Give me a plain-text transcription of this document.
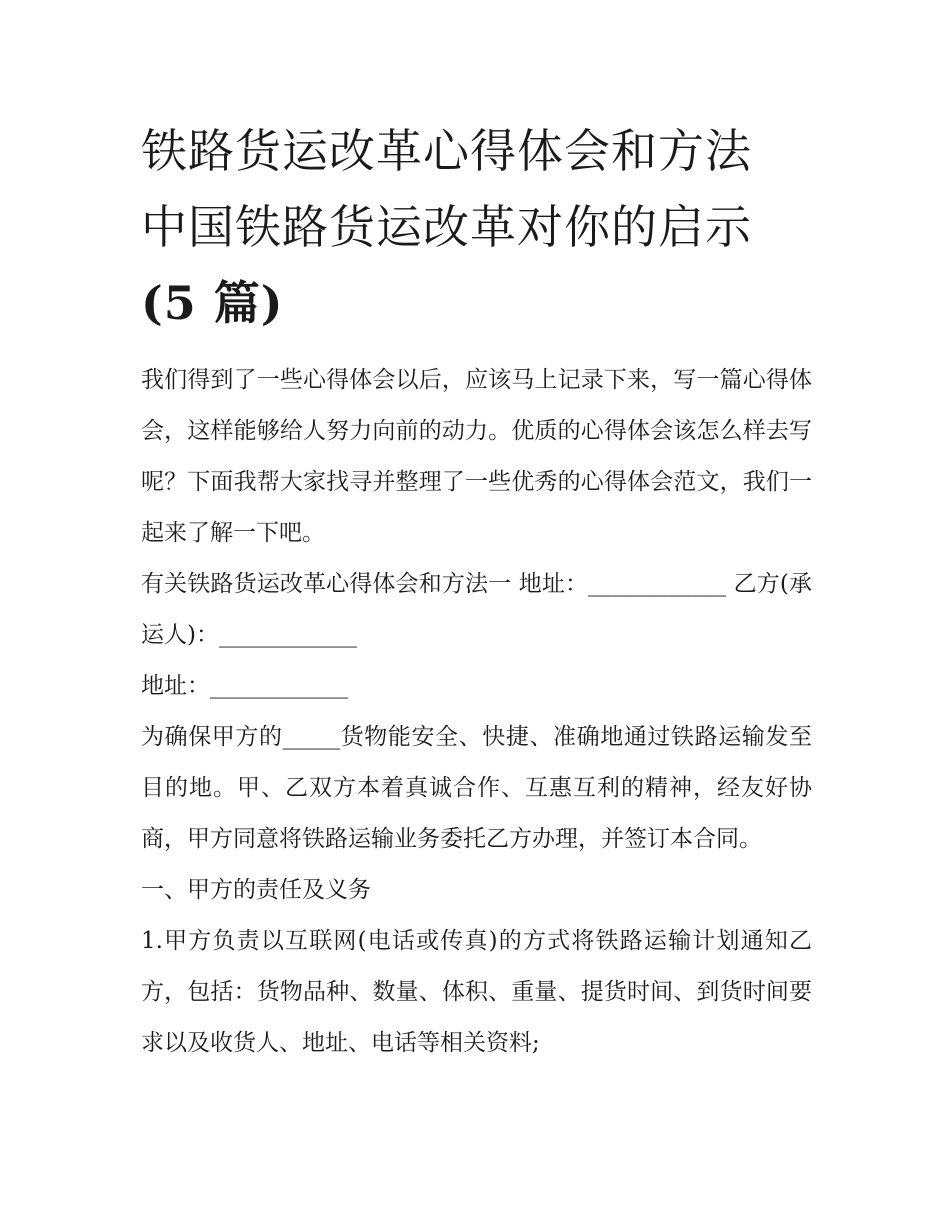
铁路货运改革心得体会和方法
中国铁路货运改革对你的启示
(5 篇)

我们得到了一些心得体会以后，应该马上记录下来，写一篇心得体会，这样能够给人努力向前的动力。优质的心得体会该怎么样去写呢？下面我帮大家找寻并整理了一些优秀的心得体会范文，我们一起来了解一下吧。

有关铁路货运改革心得体会和方法一 地址：____________ 乙方(承运人)：____________

地址：____________

为确保甲方的_____货物能安全、快捷、准确地通过铁路运输发至目的地。甲、乙双方本着真诚合作、互惠互利的精神，经友好协商，甲方同意将铁路运输业务委托乙方办理，并签订本合同。

一、甲方的责任及义务

1.甲方负责以互联网(电话或传真)的方式将铁路运输计划通知乙方，包括：货物品种、数量、体积、重量、提货时间、到货时间要求以及收货人、地址、电话等相关资料;
